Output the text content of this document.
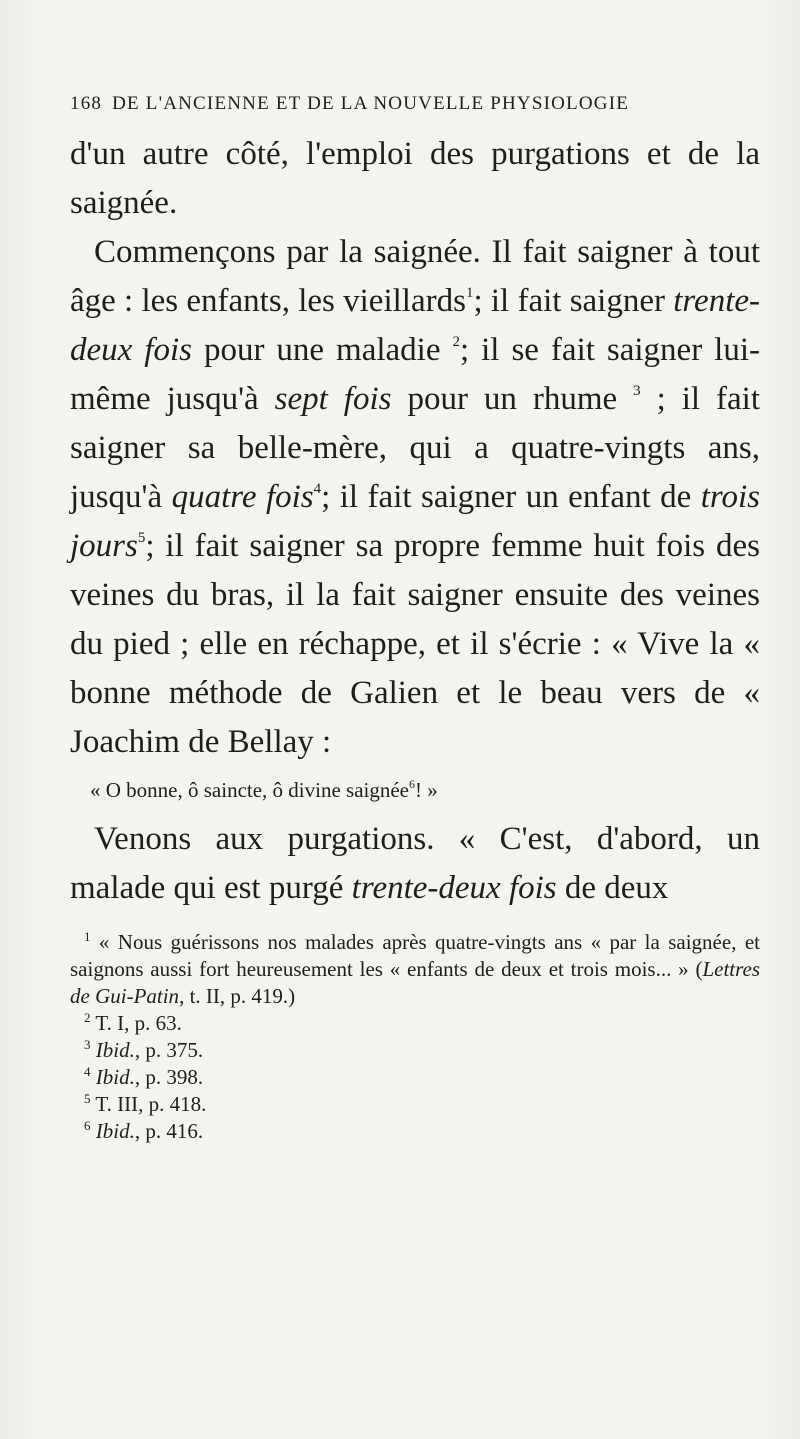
168 DE L'ANCIENNE ET DE LA NOUVELLE PHYSIOLOGIE

d'un autre côté, l'emploi des purgations et de la saignée.

Commençons par la saignée. Il fait saigner à tout âge : les enfants, les vieillards$^1$; il fait saigner trente-deux fois pour une maladie $^2$; il se fait saigner lui-même jusqu'à sept fois pour un rhume $^3$ ; il fait saigner sa belle-mère, qui a quatre-vingts ans, jusqu'à quatre fois$^4$; il fait saigner un enfant de trois jours$^5$; il fait saigner sa propre femme huit fois des veines du bras, il la fait saigner ensuite des veines du pied ; elle en réchappe, et il s'écrie : « Vive la « bonne méthode de Galien et le beau vers de « Joachim de Bellay :

« O bonne, ô saincte, ô divine saignée$^6$! »

Venons aux purgations. « C'est, d'abord, un malade qui est purgé trente-deux fois de deux

$^1$ « Nous guérissons nos malades après quatre-vingts ans « par la saignée, et saignons aussi fort heureusement les « enfants de deux et trois mois... » (Lettres de Gui-Patin, t. II, p. 419.)

$^2$ T. I, p. 63.

$^3$ Ibid., p. 375.

$^4$ Ibid., p. 398.

$^5$ T. III, p. 418.

$^6$ Ibid., p. 416.
